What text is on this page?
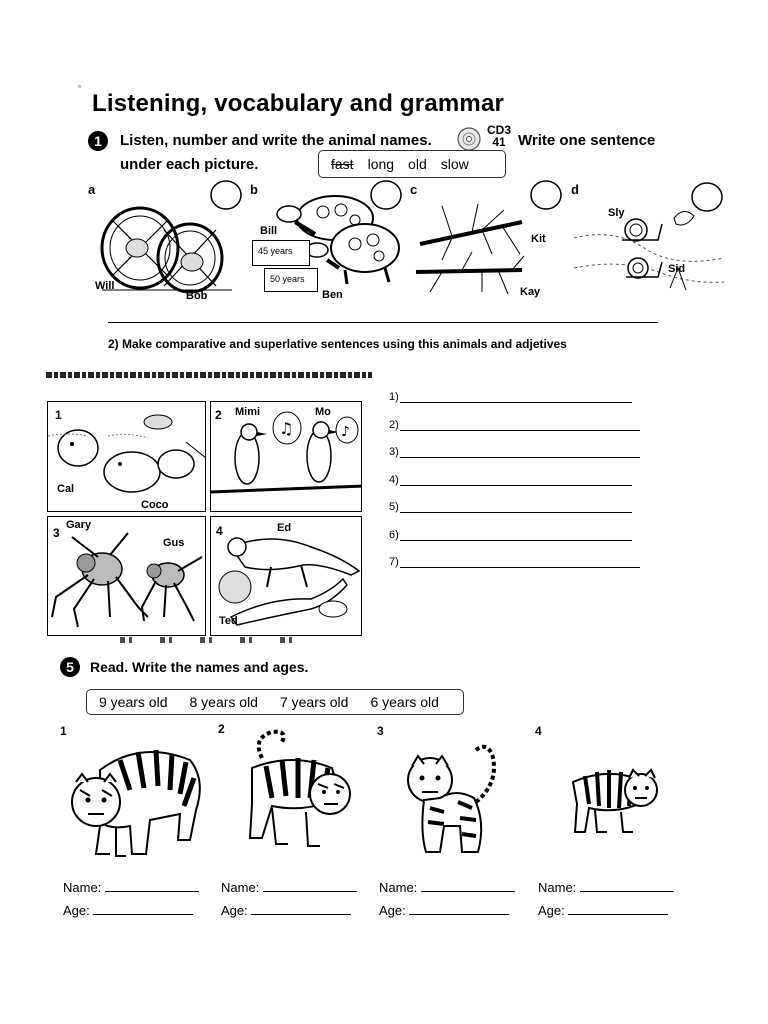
▫
Listening, vocabulary and grammar
1	Listen, number and write the animal names.
CD3
41 Write one sentence
under each picture.	fast long old slow
a	b	c	d
Will
Bob
45 years
50 years
Bill
Ben
Kit
Kay
Sly
Sid
2) Make comparative and superlative sentences using this animals and adjetives
1
Cal
Coco
♫	♪
2 Mimi	Mo
3
Gary
Gus
4	Ed
Ted
1)
2)
3)
4)
5)
6)
7)
5	Read. Write the names and ages.
9 years old 8 years old 7 years old 6 years old
1	2	3	4
Name:
Age:
Name:
Age:
Name:
Age:
Name:
Age:
